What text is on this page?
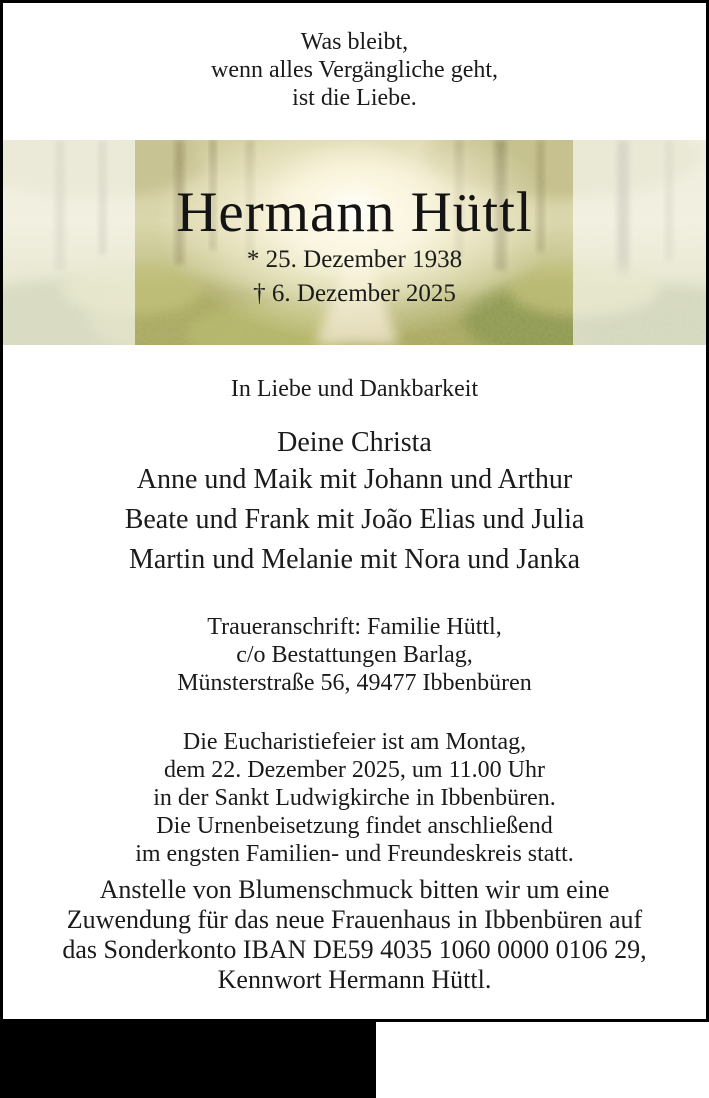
Was bleibt,
wenn alles Vergängliche geht,
ist die Liebe.
Hermann Hüttl
* 25. Dezember 1938
† 6. Dezember 2025
In Liebe und Dankbarkeit
Deine Christa
Anne und Maik mit Johann und Arthur
Beate und Frank mit João Elias und Julia
Martin und Melanie mit Nora und Janka
Traueranschrift: Familie Hüttl,
c/o Bestattungen Barlag,
Münsterstraße 56, 49477 Ibbenbüren
Die Eucharistiefeier ist am Montag,
dem 22. Dezember 2025, um 11.00 Uhr
in der Sankt Ludwigkirche in Ibbenbüren.
Die Urnenbeisetzung findet anschließend
im engsten Familien- und Freundeskreis statt.
Anstelle von Blumenschmuck bitten wir um eine
Zuwendung für das neue Frauenhaus in Ibbenbüren auf
das Sonderkonto IBAN DE59 4035 1060 0000 0106 29,
Kennwort Hermann Hüttl.
